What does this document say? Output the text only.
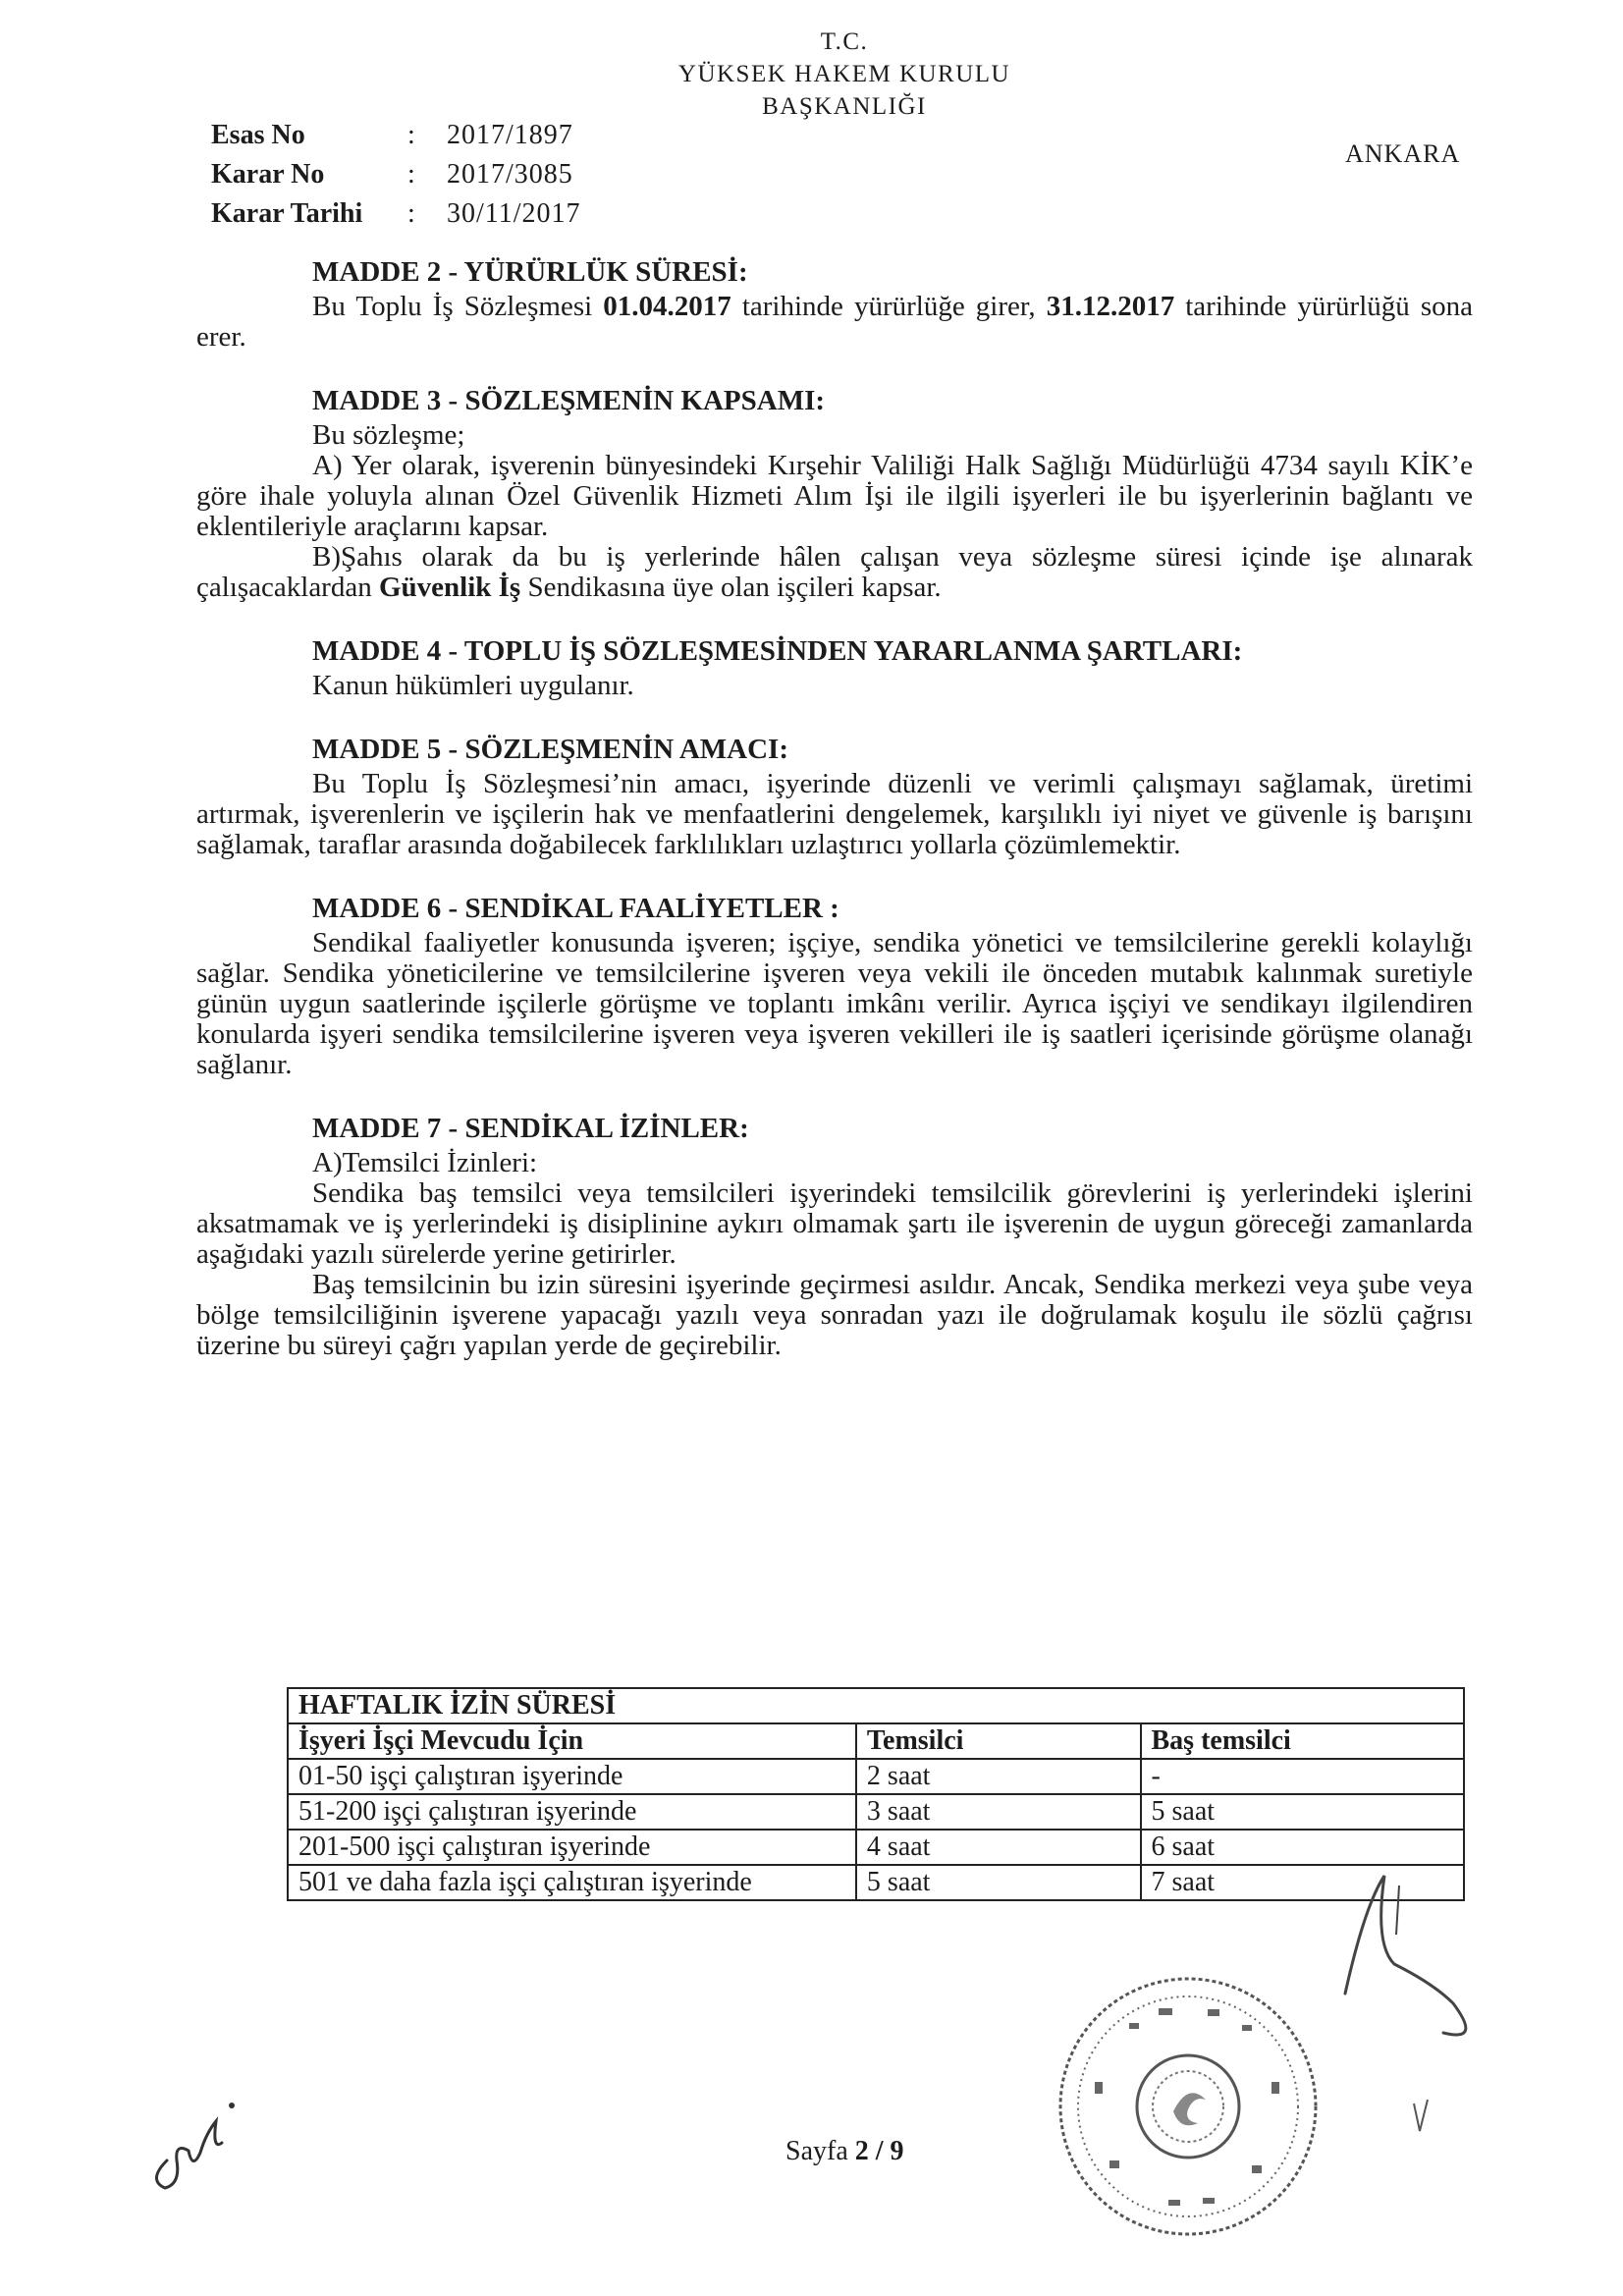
T.C.
YÜKSEK HAKEM KURULU
BAŞKANLIĞI
Esas No	:	2017/1897
Karar No	:	2017/3085
Karar Tarihi	:	30/11/2017
ANKARA
MADDE 2 - YÜRÜRLÜK SÜRESİ:

Bu Toplu İş Sözleşmesi 01.04.2017 tarihinde yürürlüğe girer, 31.12.2017 tarihinde yürürlüğü sona erer.

MADDE 3 - SÖZLEŞMENİN KAPSAMI:

Bu sözleşme;

A) Yer olarak, işverenin bünyesindeki Kırşehir Valiliği Halk Sağlığı Müdürlüğü 4734 sayılı KİK’e göre ihale yoluyla alınan Özel Güvenlik Hizmeti Alım İşi ile ilgili işyerleri ile bu işyerlerinin bağlantı ve eklentileriyle araçlarını kapsar.

B)Şahıs olarak da bu iş yerlerinde hâlen çalışan veya sözleşme süresi içinde işe alınarak çalışacaklardan Güvenlik İş Sendikasına üye olan işçileri kapsar.

MADDE 4 - TOPLU İŞ SÖZLEŞMESİNDEN YARARLANMA ŞARTLARI:

Kanun hükümleri uygulanır.

MADDE 5 - SÖZLEŞMENİN AMACI:

Bu Toplu İş Sözleşmesi’nin amacı, işyerinde düzenli ve verimli çalışmayı sağlamak, üretimi artırmak, işverenlerin ve işçilerin hak ve menfaatlerini dengelemek, karşılıklı iyi niyet ve güvenle iş barışını sağlamak, taraflar arasında doğabilecek farklılıkları uzlaştırıcı yollarla çözümlemektir.

MADDE 6 - SENDİKAL FAALİYETLER :

Sendikal faaliyetler konusunda işveren; işçiye, sendika yönetici ve temsilcilerine gerekli kolaylığı sağlar. Sendika yöneticilerine ve temsilcilerine işveren veya vekili ile önceden mutabık kalınmak suretiyle günün uygun saatlerinde işçilerle görüşme ve toplantı imkânı verilir. Ayrıca işçiyi ve sendikayı ilgilendiren konularda işyeri sendika temsilcilerine işveren veya işveren vekilleri ile iş saatleri içerisinde görüşme olanağı sağlanır.

MADDE 7 - SENDİKAL İZİNLER:

A)Temsilci İzinleri:

Sendika baş temsilci veya temsilcileri işyerindeki temsilcilik görevlerini iş yerlerindeki işlerini aksatmamak ve iş yerlerindeki iş disiplinine aykırı olmamak şartı ile işverenin de uygun göreceği zamanlarda aşağıdaki yazılı sürelerde yerine getirirler.

Baş temsilcinin bu izin süresini işyerinde geçirmesi asıldır. Ancak, Sendika merkezi veya şube veya bölge temsilciliğinin işverene yapacağı yazılı veya sonradan yazı ile doğrulamak koşulu ile sözlü çağrısı üzerine bu süreyi çağrı yapılan yerde de geçirebilir.

HAFTALIK İZİN SÜRESİ		
İşyeri İşçi Mevcudu İçin	Temsilci	Baş temsilci
01-50 işçi çalıştıran işyerinde	2 saat	-
51-200 işçi çalıştıran işyerinde	3 saat	5 saat
201-500 işçi çalıştıran işyerinde	4 saat	6 saat
501 ve daha fazla işçi çalıştıran işyerinde	5 saat	7 saat
Sayfa 2 / 9
